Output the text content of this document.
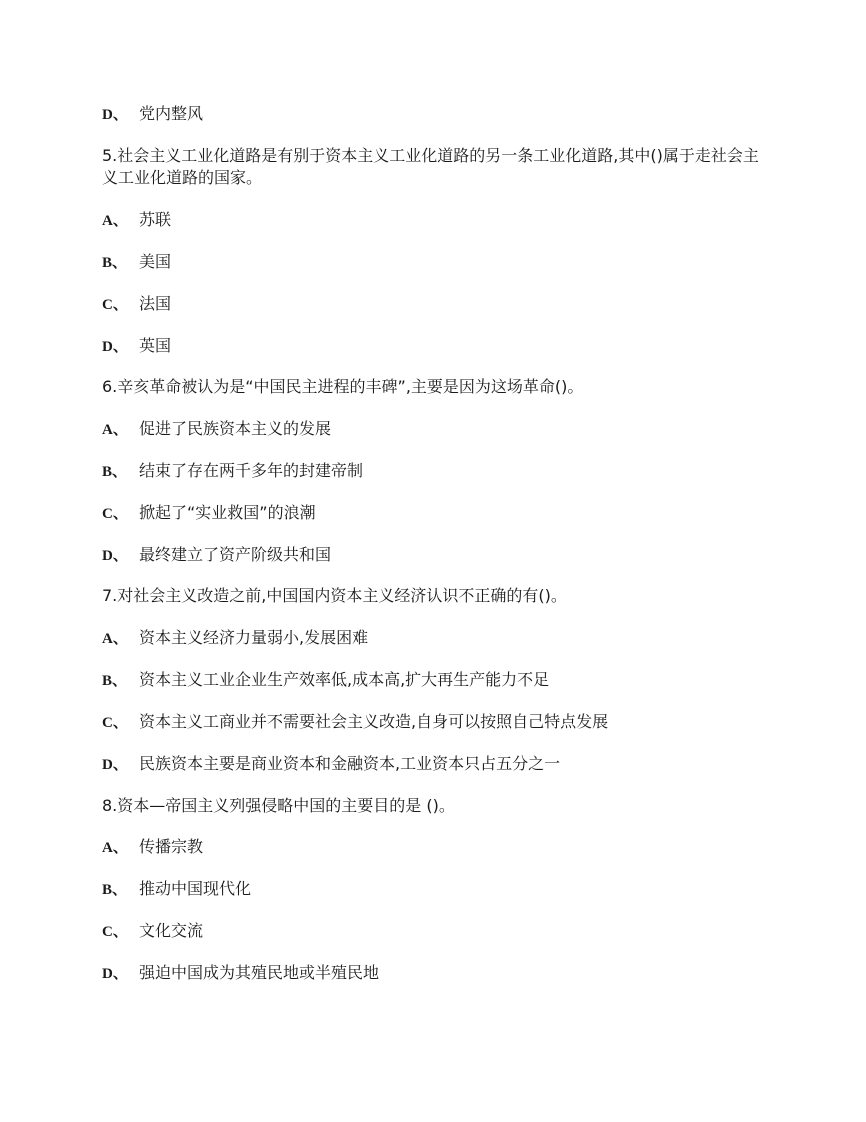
D、 党内整风
5.社会主义工业化道路是有别于资本主义工业化道路的另一条工业化道路,其中()属于走社会主义工业化道路的国家。
A、 苏联
B、 美国
C、 法国
D、 英国
6.辛亥革命被认为是“中国民主进程的丰碑”,主要是因为这场革命()。
A、 促进了民族资本主义的发展
B、 结束了存在两千多年的封建帝制
C、 掀起了“实业救国”的浪潮
D、 最终建立了资产阶级共和国
7.对社会主义改造之前,中国国内资本主义经济认识不正确的有()。
A、 资本主义经济力量弱小,发展困难
B、 资本主义工业企业生产效率低,成本高,扩大再生产能力不足
C、 资本主义工商业并不需要社会主义改造,自身可以按照自己特点发展
D、 民族资本主要是商业资本和金融资本,工业资本只占五分之一
8.资本—帝国主义列强侵略中国的主要目的是 ()。
A、 传播宗教
B、 推动中国现代化
C、 文化交流
D、 强迫中国成为其殖民地或半殖民地
